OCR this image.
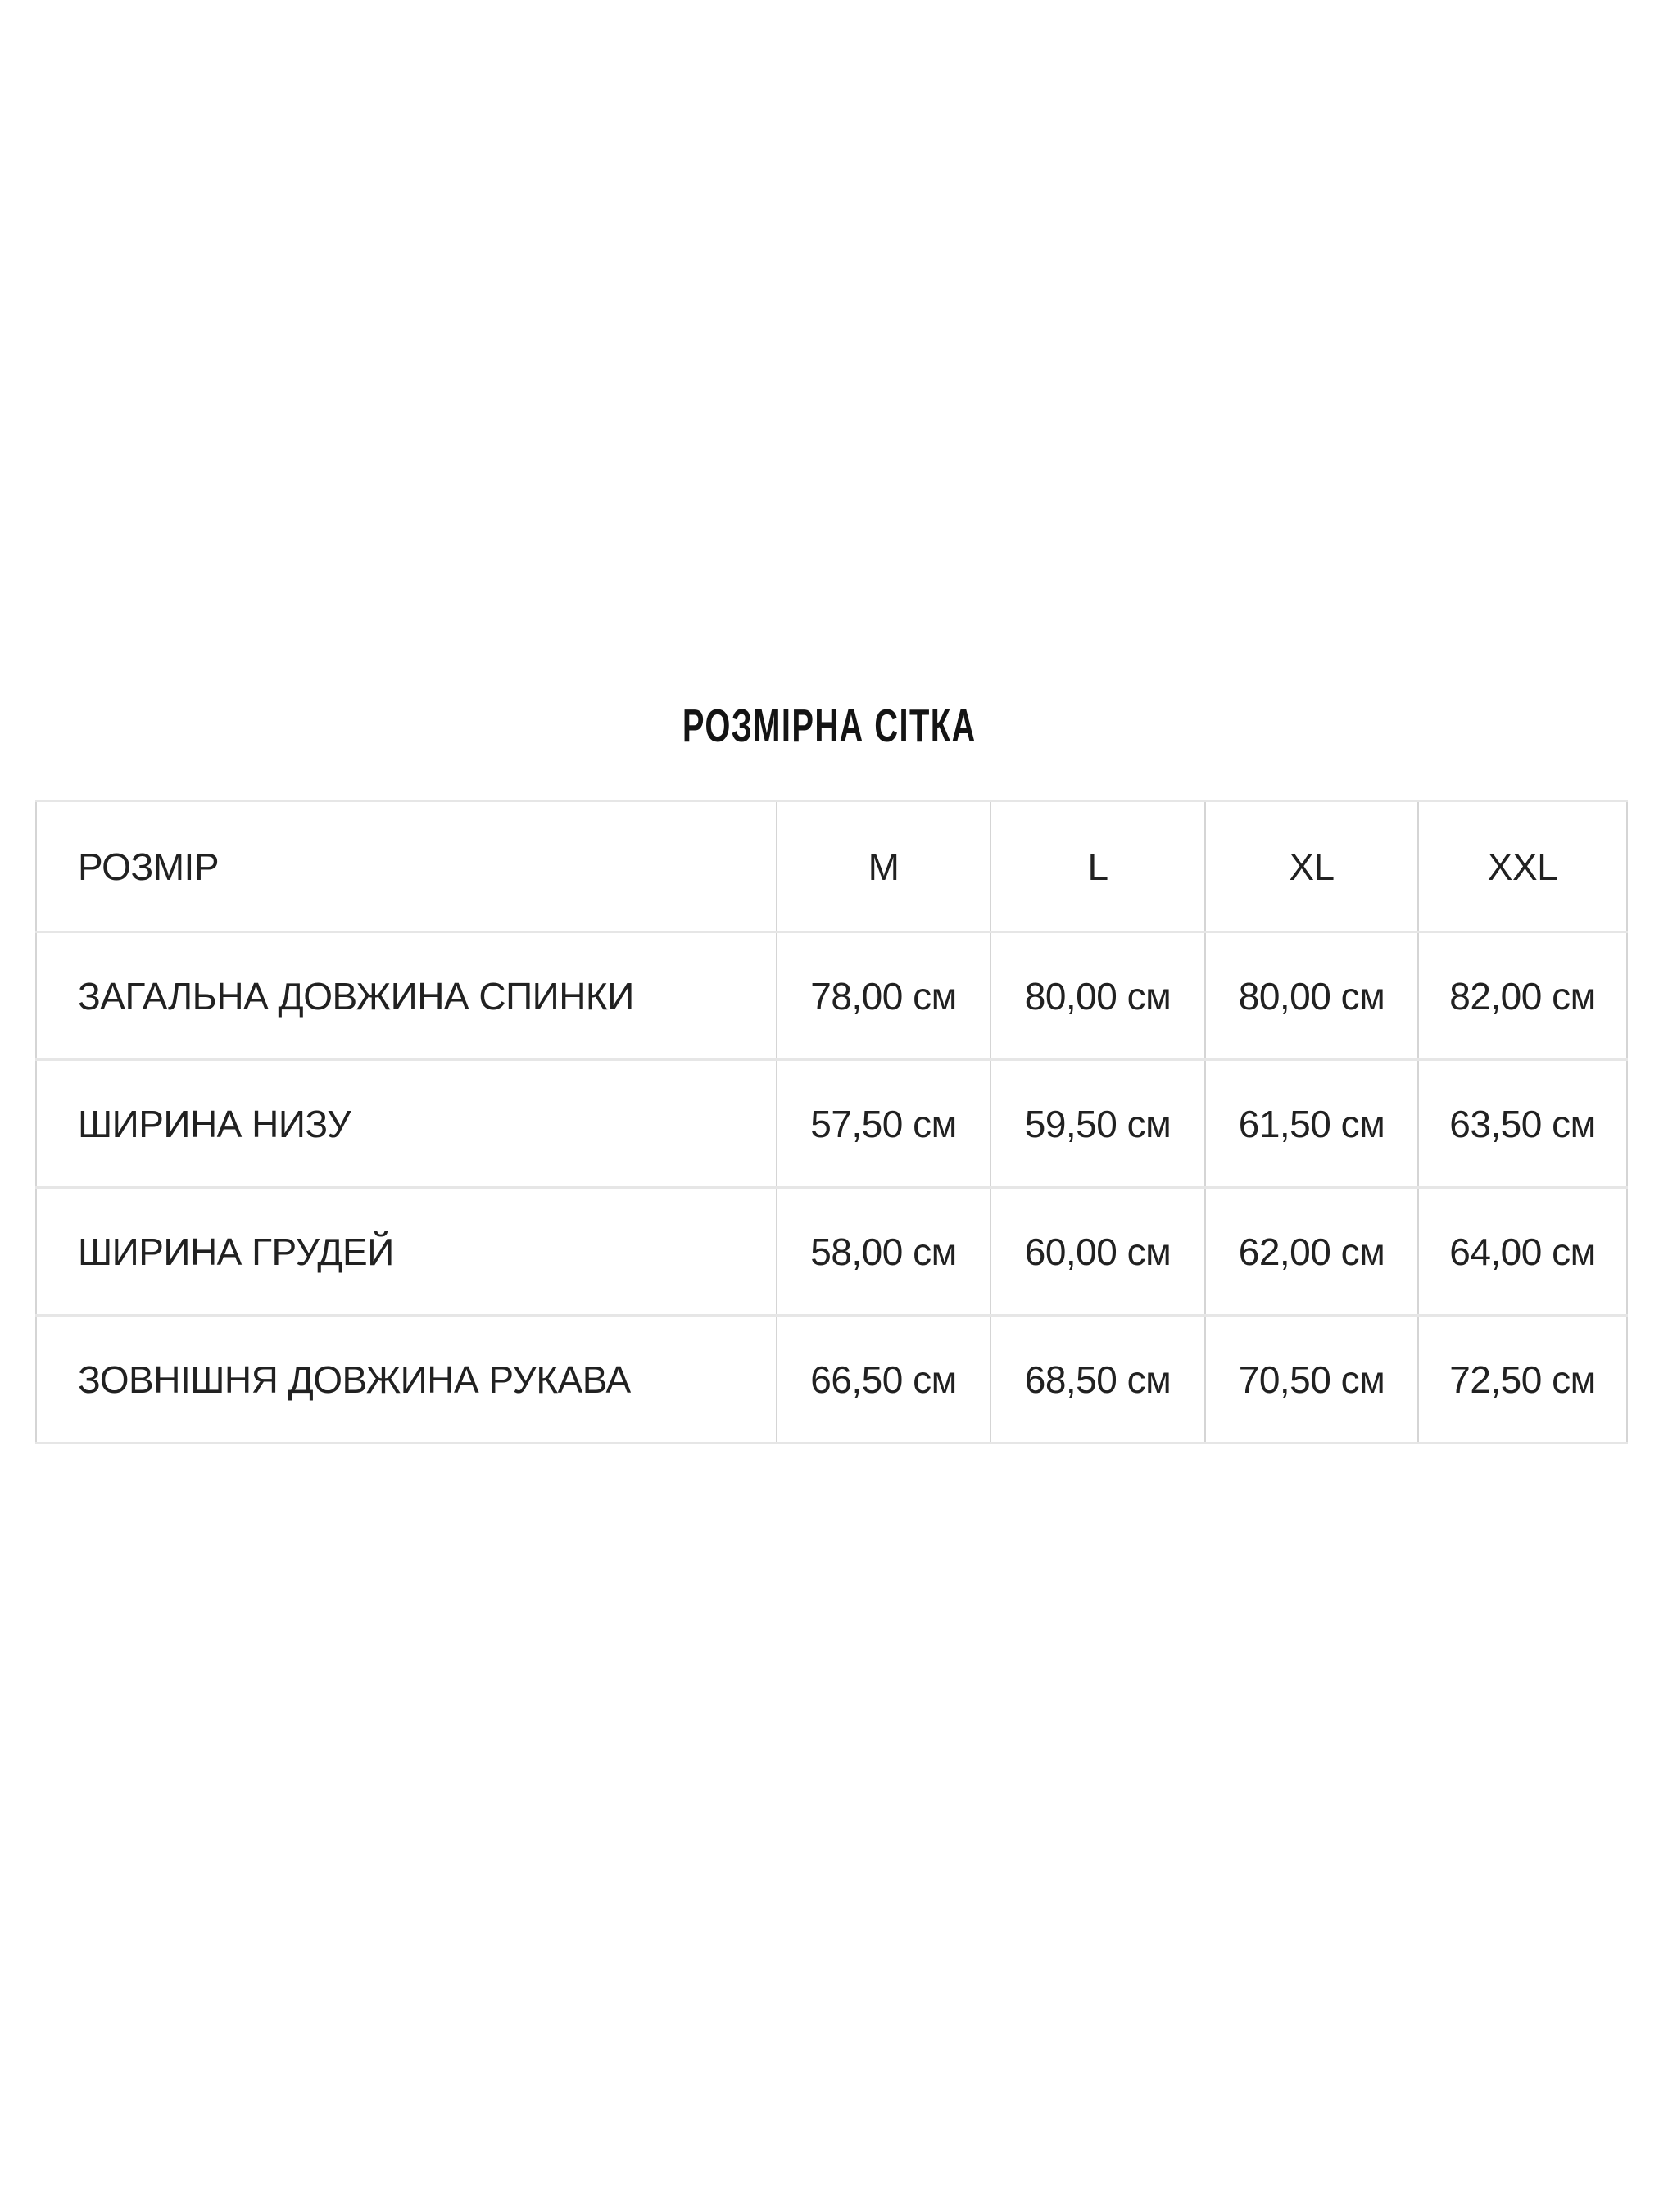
РОЗМІРНА СІТКА
РОЗМІР	M	L	XL	XXL
ЗАГАЛЬНА ДОВЖИНА СПИНКИ	78,00 см	80,00 см	80,00 см	82,00 см
ШИРИНА НИЗУ	57,50 см	59,50 см	61,50 см	63,50 см
ШИРИНА ГРУДЕЙ	58,00 см	60,00 см	62,00 см	64,00 см
ЗОВНІШНЯ ДОВЖИНА РУКАВА	66,50 см	68,50 см	70,50 см	72,50 см
